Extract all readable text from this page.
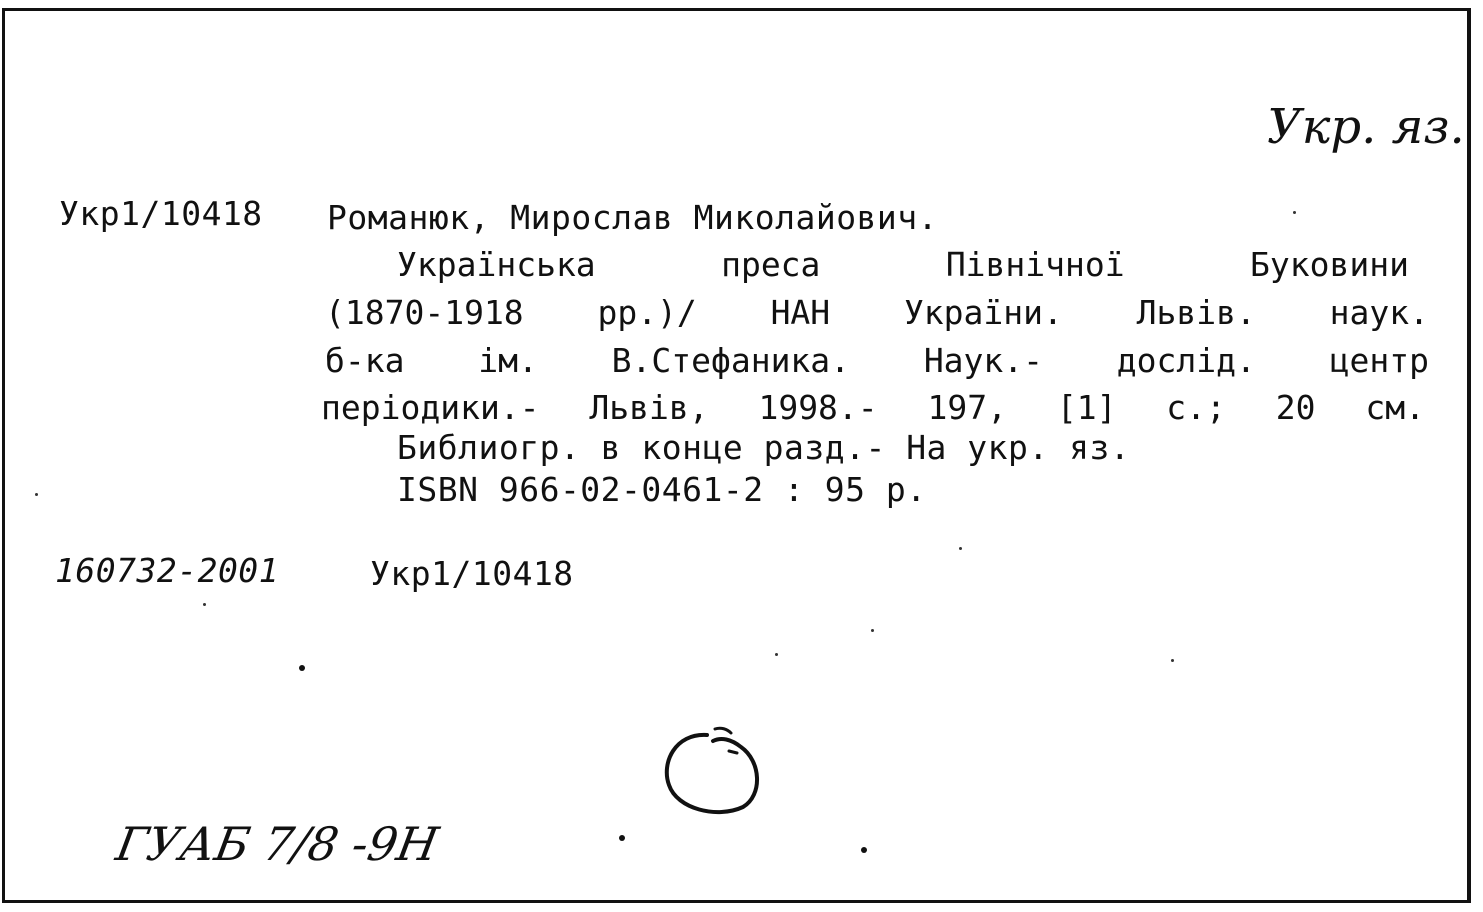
Укр. яз.
Укр1/10418 Романюк, Мирослав Миколайович.
Українська	преса	Північної	Буковини
(1870-1918 рр.)/ НАН України. Львів. наук.
б-ка ім. В.Стефаника. Наук.- дослід. центр
періодики.- Львів, 1998.- 197, [1] с.; 20 см.
Библиогр. в конце разд.- На укр. яз.
ISBN 966-02-0461-2 : 95 р.
160732-2001	Укр1/10418
ГУАБ 7/8 -9Н
